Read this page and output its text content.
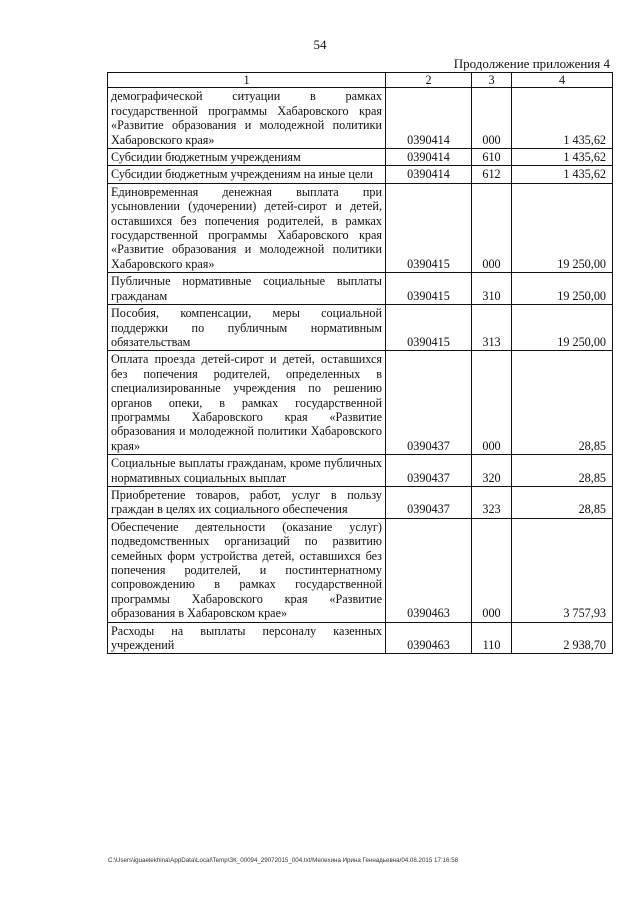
54
Продолжение приложения 4
1	2	3	4
демографической ситуации в рамках государственной программы Хабаровского края «Развитие образования и молодежной политики Хабаровского края»	0390414	000	1 435,62
Субсидии бюджетным учреждениям	0390414	610	1 435,62
Субсидии бюджетным учреждениям на иные цели	0390414	612	1 435,62
Единовременная денежная выплата при усыновлении (удочерении) детей-сирот и детей, оставшихся без попечения родителей, в рамках государственной программы Хабаровского края «Развитие образования и молодежной политики Хабаровского края»	0390415	000	19 250,00
Публичные нормативные социальные выплаты гражданам	0390415	310	19 250,00
Пособия, компенсации, меры социальной поддержки по публичным нормативным обязательствам	0390415	313	19 250,00
Оплата проезда детей-сирот и детей, оставшихся без попечения родителей, определенных в специализированные учреждения по решению органов опеки, в рамках государственной программы Хабаровского края «Развитие образования и молодежной политики Хабаровского края»	0390437	000	28,85
Социальные выплаты гражданам, кроме публичных нормативных социальных выплат	0390437	320	28,85
Приобретение товаров, работ, услуг в пользу граждан в целях их социального обеспечения	0390437	323	28,85
Обеспечение деятельности (оказание услуг) подведомственных организаций по развитию семейных форм устройства детей, оставшихся без попечения родителей, и постинтернатному сопровождению в рамках государственной программы Хабаровского края «Развитие образования в Хабаровском крае»	0390463	000	3 757,93
Расходы на выплаты персоналу казенных учреждений	0390463	110	2 938,70
C:\Users\iguaelekhina\AppData\Local\Temp\ЗК_00094_29072015_004.txt/Мелехина Ирина Геннадьевна/04.08.2015 17:16:58
